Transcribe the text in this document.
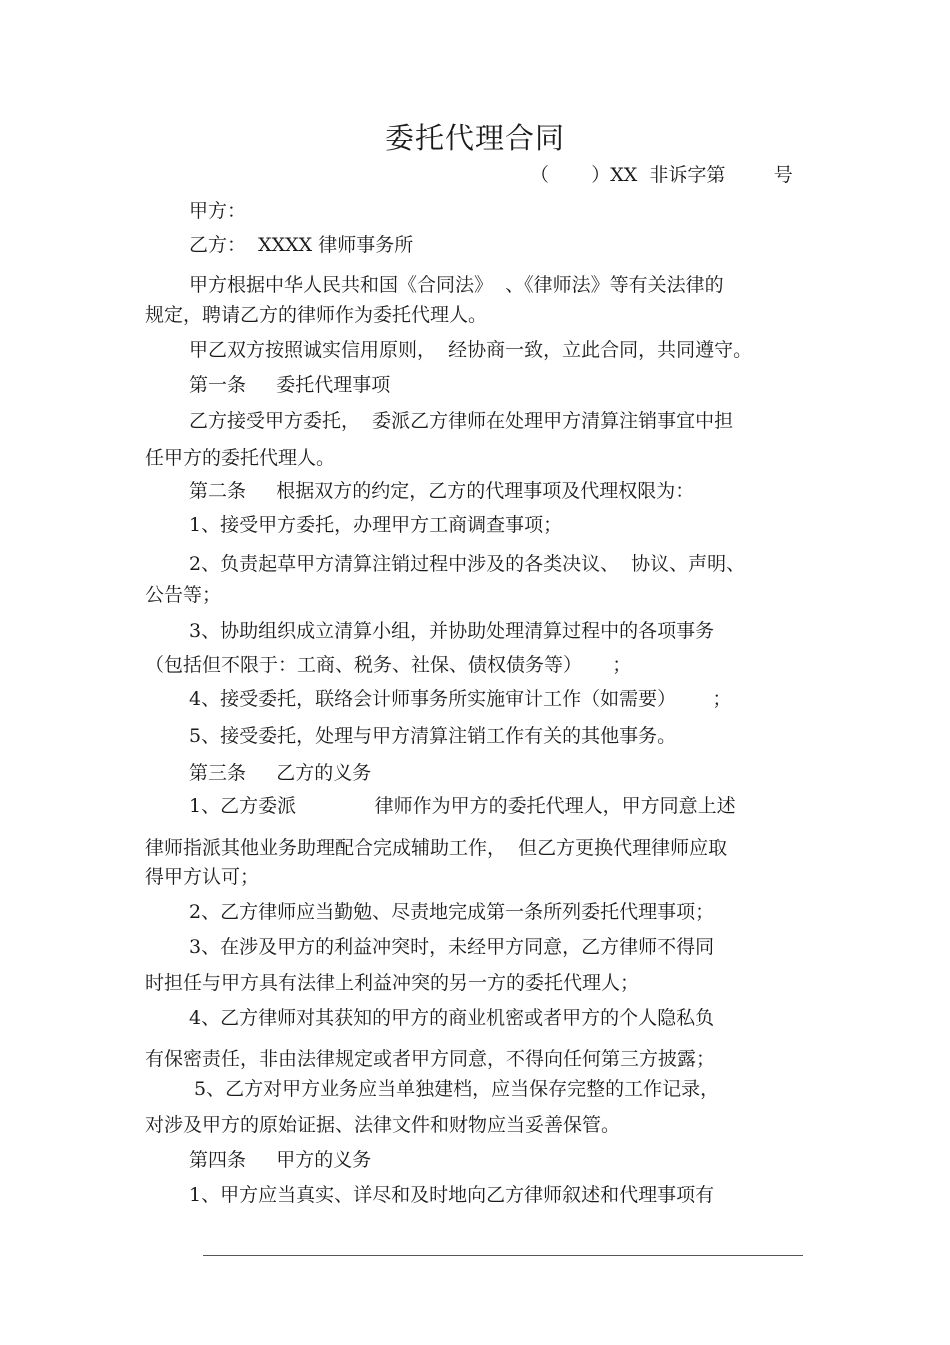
委托代理合同
（       ）XX  非诉字第        号
甲方：
乙方：  XXXX 律师事务所
甲方根据中华人民共和国《合同法》  、《律师法》等有关法律的
规定，聘请乙方的律师作为委托代理人。
甲乙双方按照诚实信用原则，  经协商一致，立此合同，共同遵守。
第一条     委托代理事项
乙方接受甲方委托，  委派乙方律师在处理甲方清算注销事宜中担
任甲方的委托代理人。
第二条     根据双方的约定，乙方的代理事项及代理权限为：
1、接受甲方委托，办理甲方工商调查事项；
2、负责起草甲方清算注销过程中涉及的各类决议、  协议、声明、
公告等；
3、协助组织成立清算小组，并协助处理清算过程中的各项事务
（包括但不限于：工商、税务、社保、债权债务等）     ；
4、接受委托，联络会计师事务所实施审计工作（如需要）      ；
5、接受委托，处理与甲方清算注销工作有关的其他事务。
第三条     乙方的义务
1、乙方委派             律师作为甲方的委托代理人，甲方同意上述
律师指派其他业务助理配合完成辅助工作，  但乙方更换代理律师应取
得甲方认可；
2、乙方律师应当勤勉、尽责地完成第一条所列委托代理事项；
3、在涉及甲方的利益冲突时，未经甲方同意，乙方律师不得同
时担任与甲方具有法律上利益冲突的另一方的委托代理人；
4、乙方律师对其获知的甲方的商业机密或者甲方的个人隐私负
有保密责任，非由法律规定或者甲方同意，不得向任何第三方披露；
5、乙方对甲方业务应当单独建档，应当保存完整的工作记录，
对涉及甲方的原始证据、法律文件和财物应当妥善保管。
第四条     甲方的义务
1、甲方应当真实、详尽和及时地向乙方律师叙述和代理事项有
